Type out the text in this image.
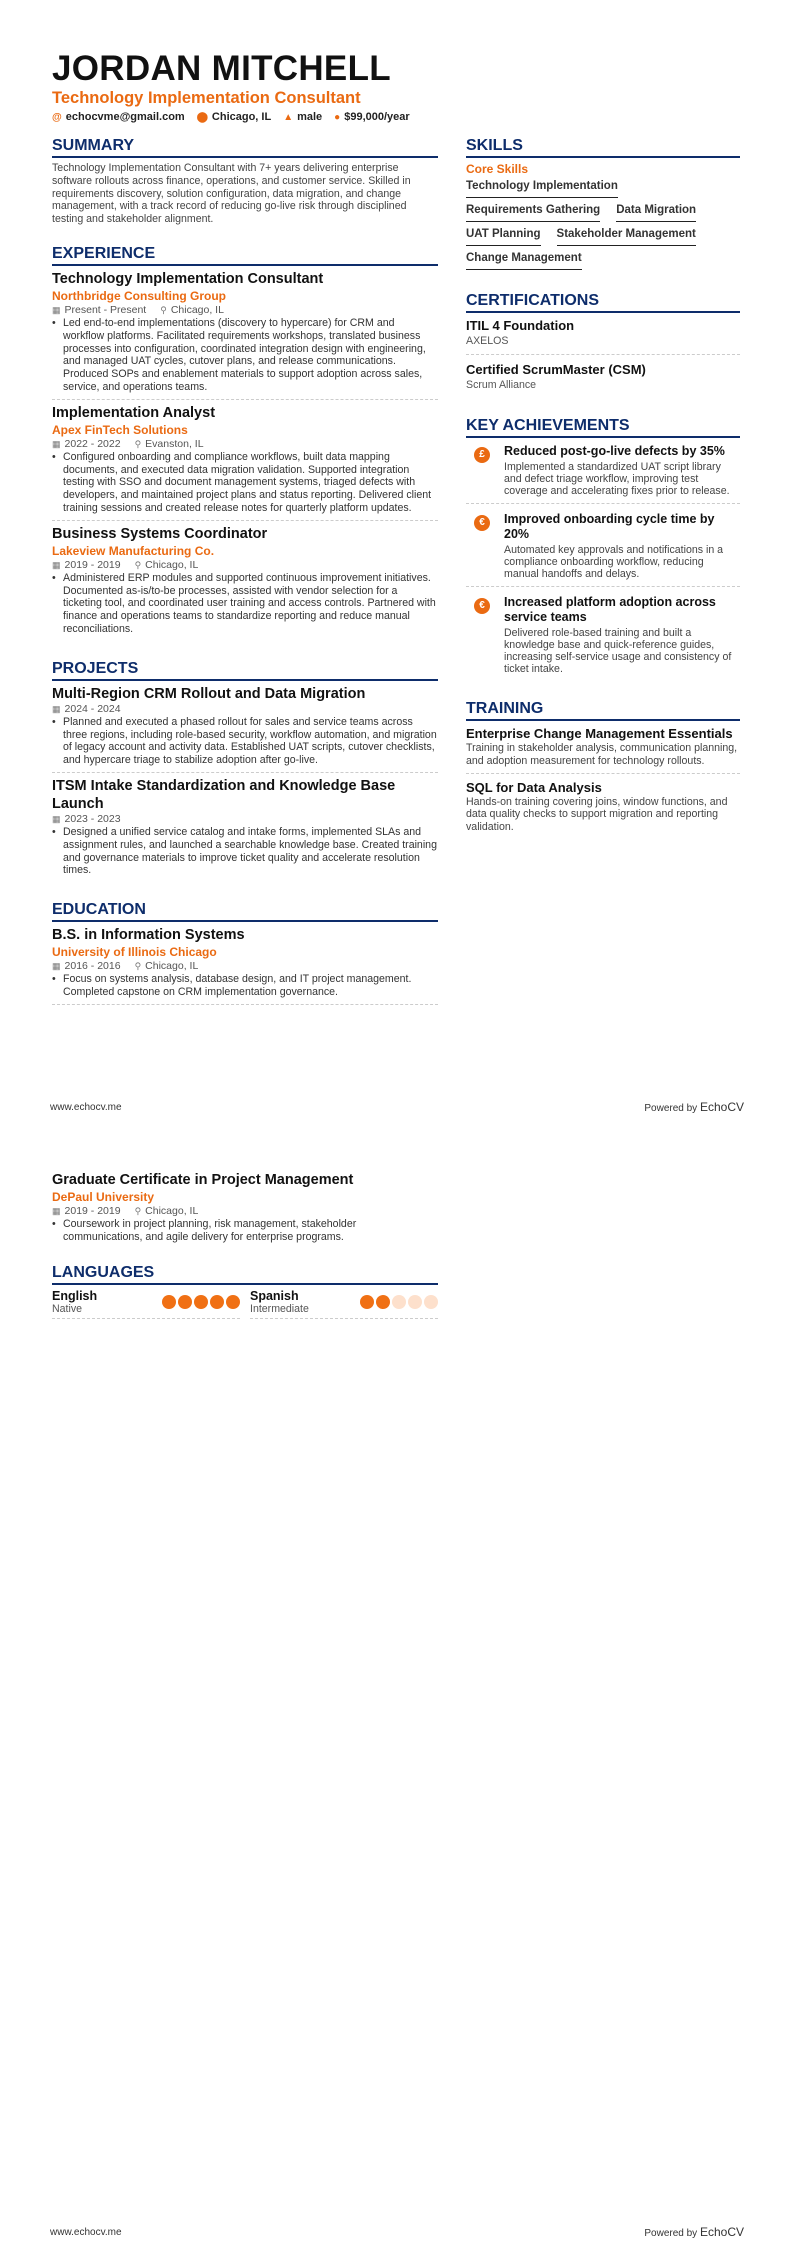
JORDAN MITCHELL
Technology Implementation Consultant
@ echocvme@gmail.com ⬤ Chicago, IL ▲ male ● $99,000/year
SUMMARY
Technology Implementation Consultant with 7+ years delivering enterprise software rollouts across finance, operations, and customer service. Skilled in requirements discovery, solution configuration, data migration, and change management, with a track record of reducing go-live risk through disciplined testing and stakeholder alignment.
EXPERIENCE
Technology Implementation Consultant
Northbridge Consulting Group
▦ Present - Present ⚲ Chicago, IL
• Led end-to-end implementations (discovery to hypercare) for CRM and workflow platforms. Facilitated requirements workshops, translated business processes into configuration, coordinated integration design with engineering, and managed UAT cycles, cutover plans, and release communications. Produced SOPs and enablement materials to support adoption across sales, service, and operations teams.
Implementation Analyst
Apex FinTech Solutions
▦ 2022 - 2022 ⚲ Evanston, IL
• Configured onboarding and compliance workflows, built data mapping documents, and executed data migration validation. Supported integration testing with SSO and document management systems, triaged defects with developers, and maintained project plans and status reporting. Delivered client training sessions and created release notes for quarterly platform updates.
Business Systems Coordinator
Lakeview Manufacturing Co.
▦ 2019 - 2019 ⚲ Chicago, IL
• Administered ERP modules and supported continuous improvement initiatives. Documented as-is/to-be processes, assisted with vendor selection for a ticketing tool, and coordinated user training and access controls. Partnered with finance and operations teams to standardize reporting and reduce manual reconciliations.
PROJECTS
Multi-Region CRM Rollout and Data Migration
▦ 2024 - 2024
• Planned and executed a phased rollout for sales and service teams across three regions, including role-based security, workflow automation, and migration of legacy account and activity data. Established UAT scripts, cutover checklists, and hypercare triage to stabilize adoption after go-live.
ITSM Intake Standardization and Knowledge Base Launch
▦ 2023 - 2023
• Designed a unified service catalog and intake forms, implemented SLAs and assignment rules, and launched a searchable knowledge base. Created training and governance materials to improve ticket quality and accelerate resolution times.
EDUCATION
B.S. in Information Systems
University of Illinois Chicago
▦ 2016 - 2016 ⚲ Chicago, IL
• Focus on systems analysis, database design, and IT project management. Completed capstone on CRM implementation governance.
SKILLS
Core Skills
Technology Implementation
Requirements Gathering Data Migration
UAT Planning Stakeholder Management
Change Management
CERTIFICATIONS
ITIL 4 Foundation
AXELOS
Certified ScrumMaster (CSM)
Scrum Alliance
KEY ACHIEVEMENTS
£	Reduced post-go-live defects by 35%
Implemented a standardized UAT script library and defect triage workflow, improving test coverage and accelerating fixes prior to release.
€	Improved onboarding cycle time by 20%
Automated key approvals and notifications in a compliance onboarding workflow, reducing manual handoffs and delays.
€	Increased platform adoption across service teams
Delivered role-based training and built a knowledge base and quick-reference guides, increasing self-service usage and consistency of ticket intake.
TRAINING
Enterprise Change Management Essentials
Training in stakeholder analysis, communication planning, and adoption measurement for technology rollouts.
SQL for Data Analysis
Hands-on training covering joins, window functions, and data quality checks to support migration and reporting validation.
www.echocv.me	Powered by EchoCV
Graduate Certificate in Project Management
DePaul University
▦ 2019 - 2019 ⚲ Chicago, IL
• Coursework in project planning, risk management, stakeholder communications, and agile delivery for enterprise programs.
LANGUAGES
English
Native
Spanish
Intermediate
www.echocv.me	Powered by EchoCV
